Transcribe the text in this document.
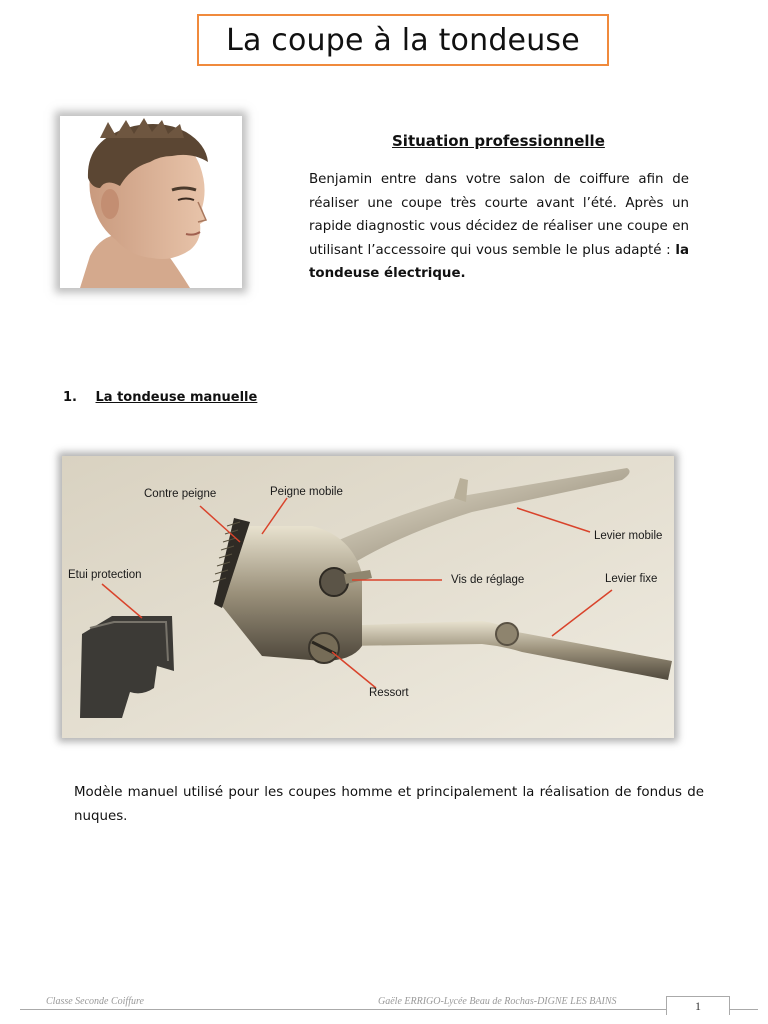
La coupe à la tondeuse
Situation professionnelle
Benjamin entre dans votre salon de coiffure afin de réaliser une coupe très courte avant l’été. Après un rapide diagnostic vous décidez de réaliser une coupe en utilisant l’accessoire qui vous semble le plus adapté : la tondeuse électrique.
1. La tondeuse manuelle
Contre peigne	Peigne mobile
Etui protection
Levier mobile
Vis de réglage	Levier fixe
Ressort
Modèle manuel utilisé pour les coupes homme et principalement la réalisation de fondus de nuques.
Classe Seconde Coiffure	Gaële ERRIGO-Lycée Beau de Rochas-DIGNE LES BAINS	1
